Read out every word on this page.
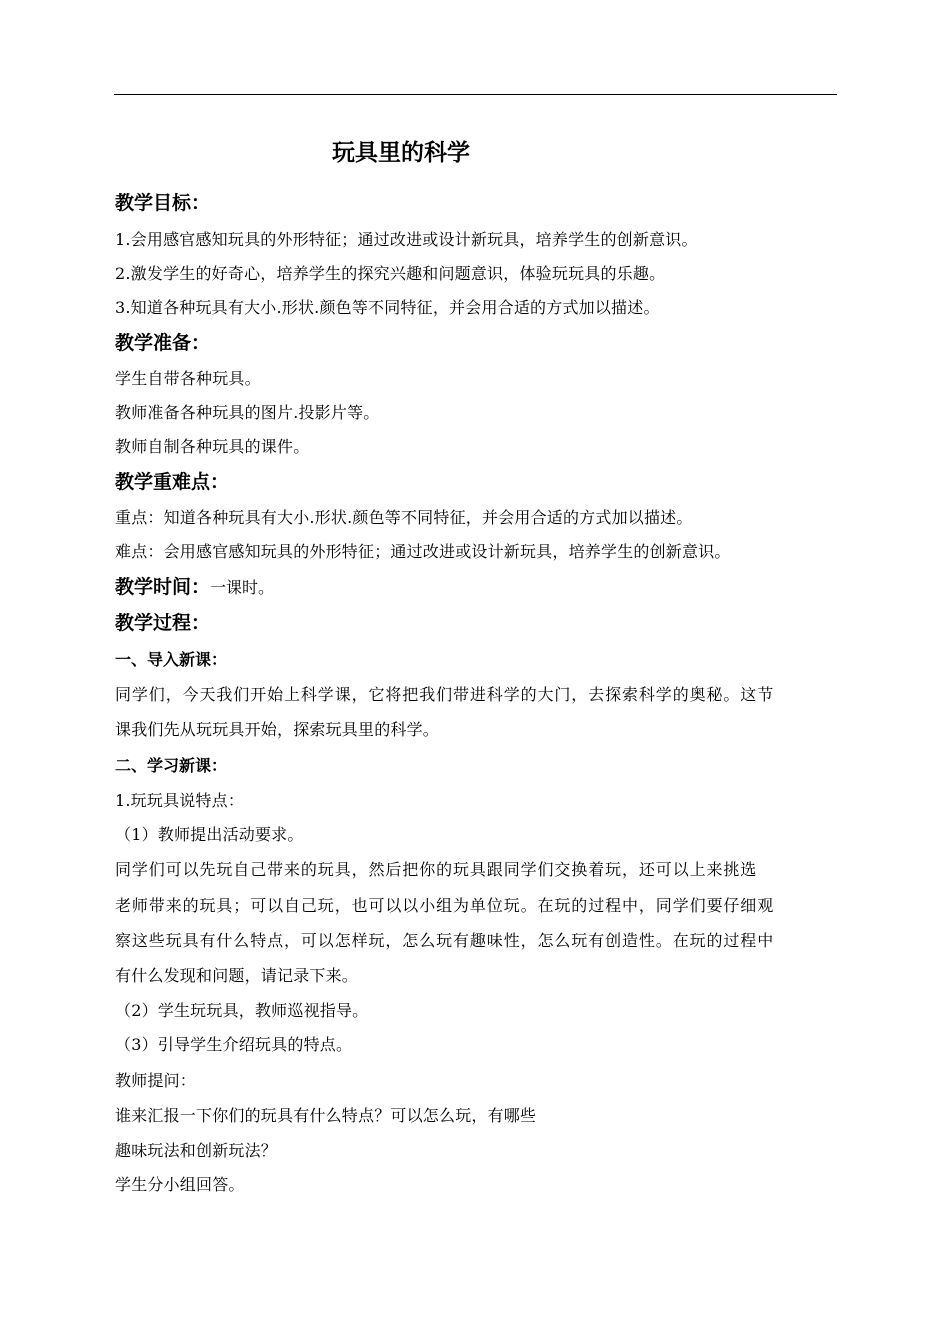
玩具里的科学
教学目标：
1.会用感官感知玩具的外形特征；通过改进或设计新玩具，培养学生的创新意识。
2.激发学生的好奇心，培养学生的探究兴趣和问题意识，体验玩玩具的乐趣。
3.知道各种玩具有大小.形状.颜色等不同特征，并会用合适的方式加以描述。
教学准备：
学生自带各种玩具。
教师准备各种玩具的图片.投影片等。
教师自制各种玩具的课件。
教学重难点：
重点：知道各种玩具有大小.形状.颜色等不同特征，并会用合适的方式加以描述。
难点：会用感官感知玩具的外形特征；通过改进或设计新玩具，培养学生的创新意识。
教学时间：一课时。
教学过程：
一、导入新课：
同学们，今天我们开始上科学课，它将把我们带进科学的大门，去探索科学的奥秘。这节
课我们先从玩玩具开始，探索玩具里的科学。
二、学习新课：
1.玩玩具说特点：
（1）教师提出活动要求。
同学们可以先玩自己带来的玩具，然后把你的玩具跟同学们交换着玩，还可以上来挑选
老师带来的玩具；可以自己玩，也可以以小组为单位玩。在玩的过程中，同学们要仔细观
察这些玩具有什么特点，可以怎样玩，怎么玩有趣味性，怎么玩有创造性。在玩的过程中
有什么发现和问题，请记录下来。
（2）学生玩玩具，教师巡视指导。
（3）引导学生介绍玩具的特点。
教师提问：
谁来汇报一下你们的玩具有什么特点？可以怎么玩，有哪些
趣味玩法和创新玩法？
学生分小组回答。
